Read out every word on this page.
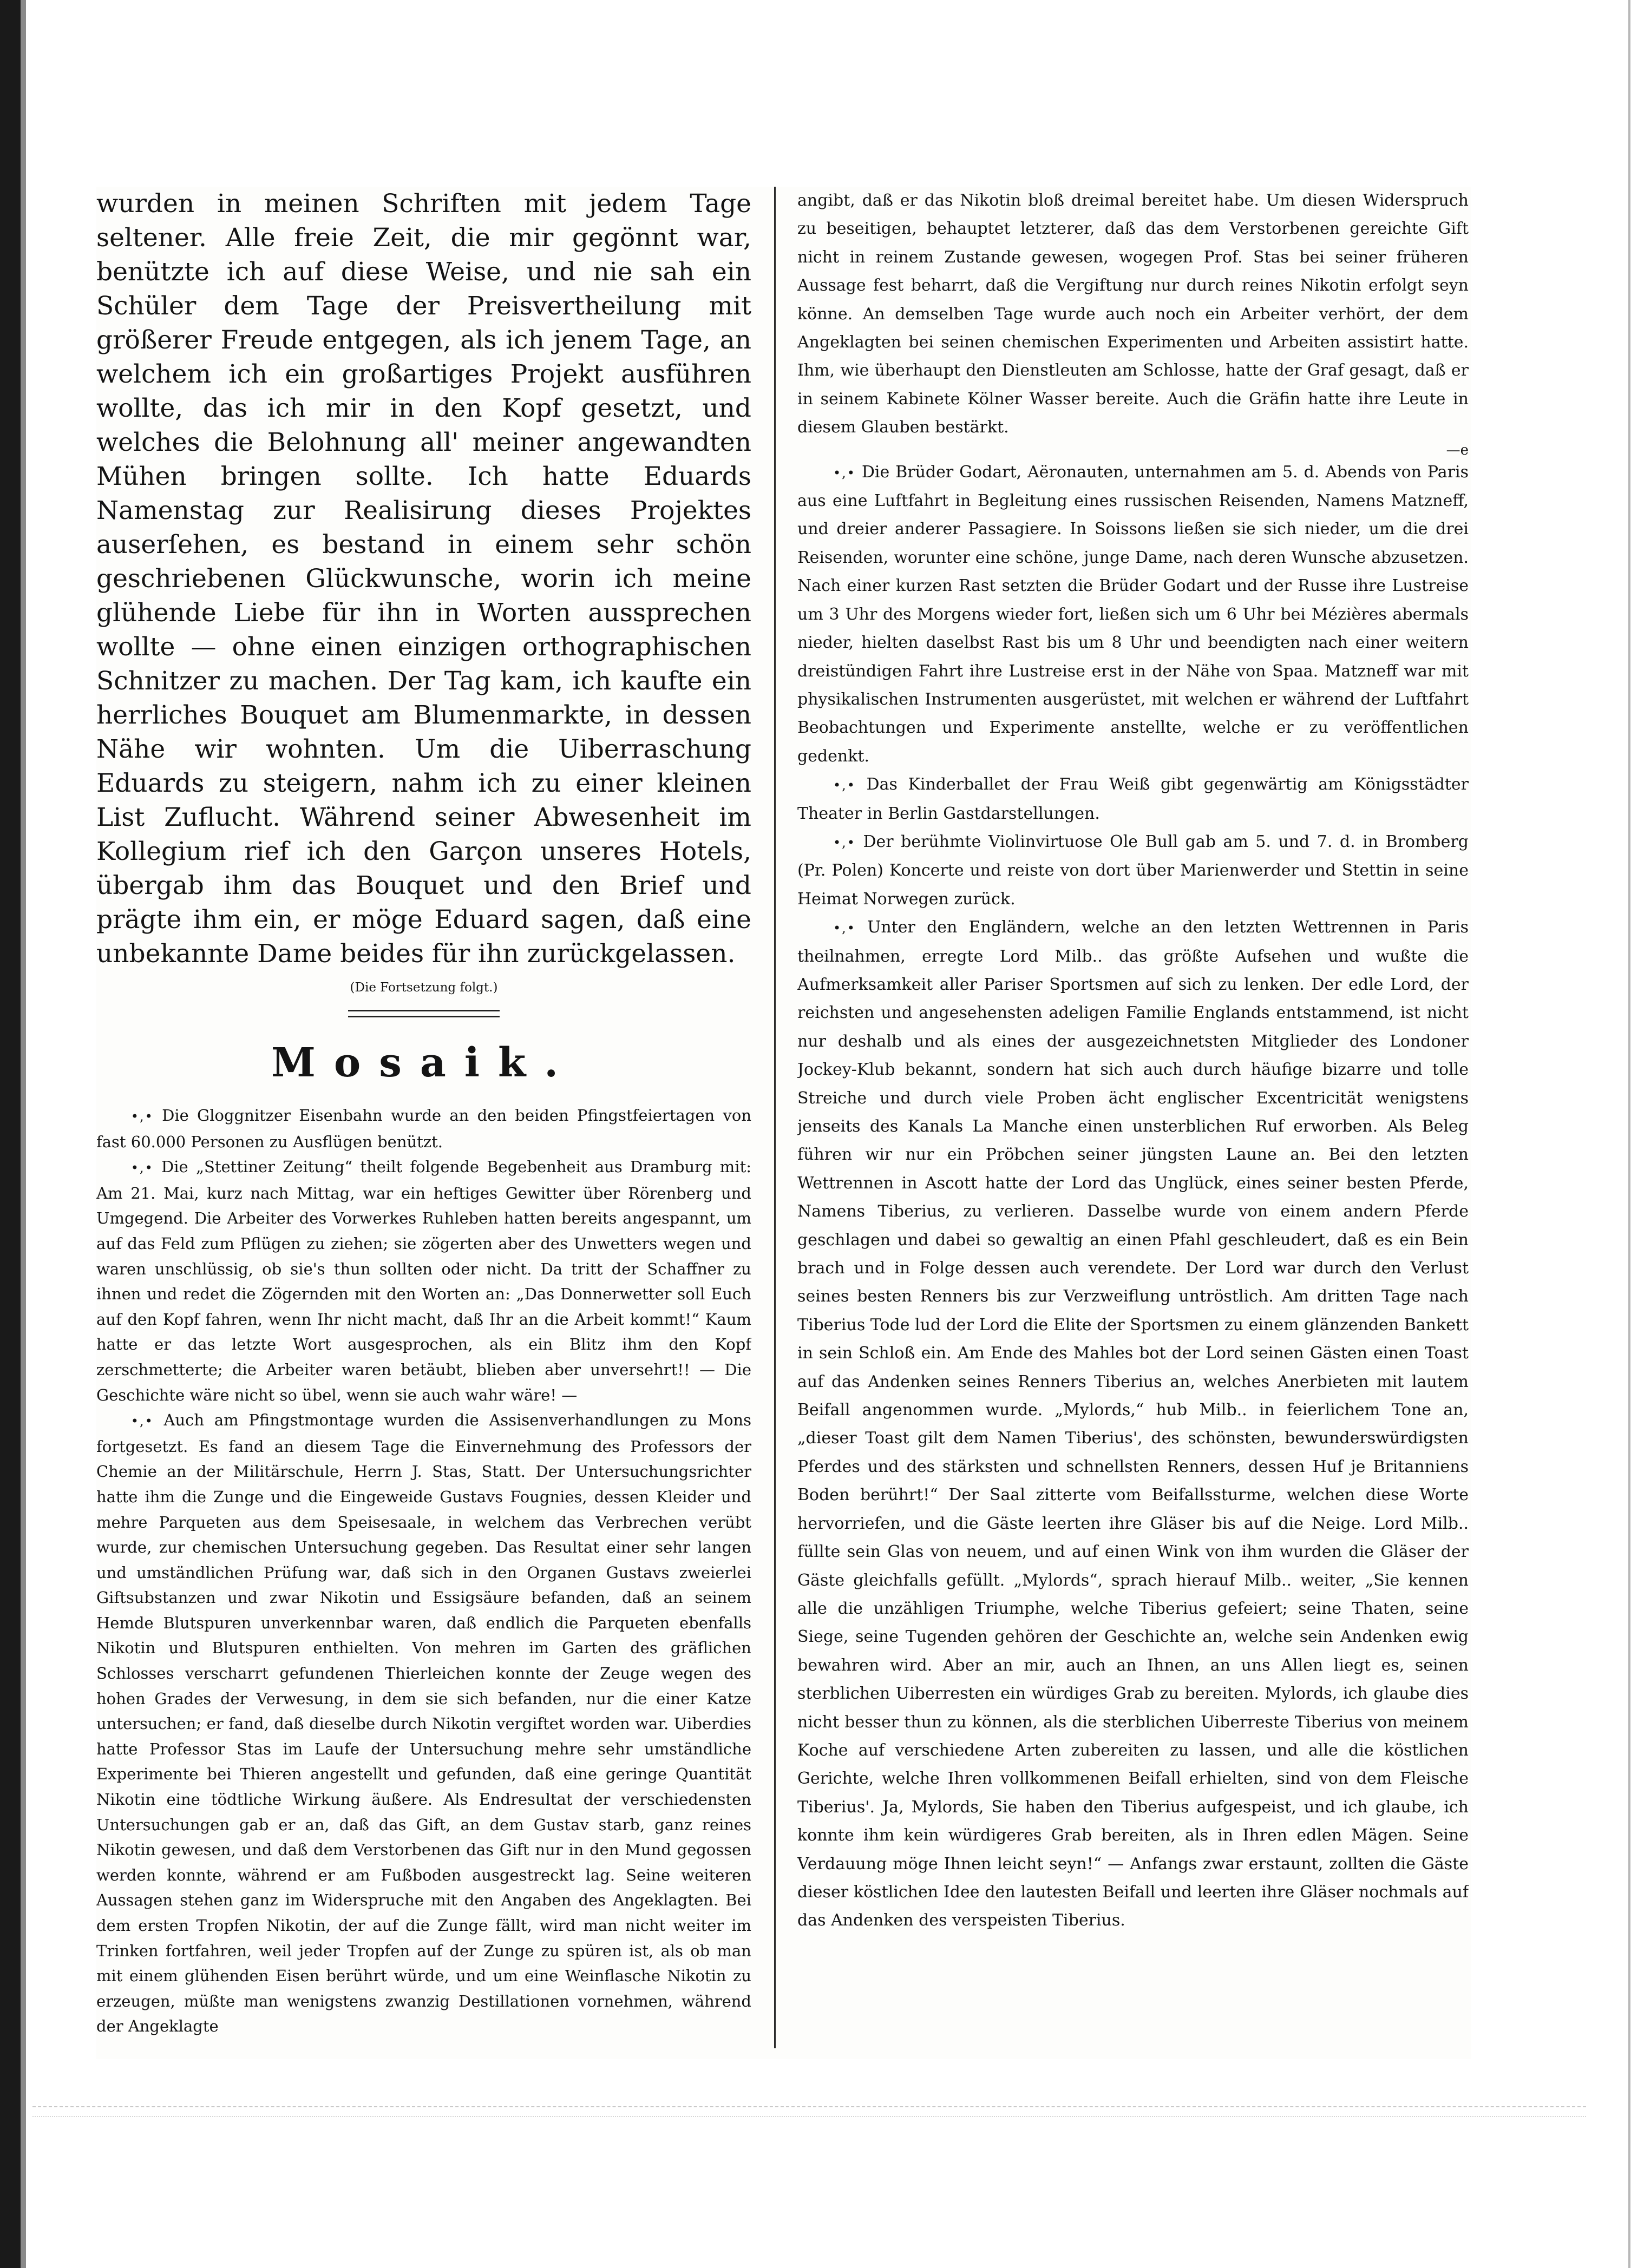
wurden in meinen Schriften mit jedem Tage seltener. Alle freie Zeit, die mir gegönnt war, benützte ich auf diese Weise, und nie sah ein Schüler dem Tage der Preisvertheilung mit größerer Freude entgegen, als ich jenem Tage, an welchem ich ein großartiges Projekt ausführen wollte, das ich mir in den Kopf gesetzt, und welches die Belohnung all' meiner angewandten Mühen bringen sollte. Ich hatte Eduards Namenstag zur Realisirung dieses Projektes auserſehen, es bestand in einem sehr schön geschriebenen Glückwunsche, worin ich meine glühende Liebe für ihn in Worten aussprechen wollte — ohne einen einzigen orthographischen Schnitzer zu machen. Der Tag kam, ich kaufte ein herrliches Bouquet am Blumenmarkte, in dessen Nähe wir wohnten. Um die Uiberraschung Eduards zu steigern, nahm ich zu einer kleinen List Zuflucht. Während seiner Abwesenheit im Kollegium rief ich den Garçon unseres Hotels, übergab ihm das Bouquet und den Brief und prägte ihm ein, er möge Eduard sagen, daß eine unbekannte Dame beides für ihn zurückgelassen.

(Die Fortsetzung folgt.)
Mosaik.

•,• Die Gloggnitzer Eisenbahn wurde an den beiden Pfingstfeiertagen von fast 60.000 Personen zu Ausflügen benützt.

•,• Die „Stettiner Zeitung“ theilt folgende Begebenheit aus Dramburg mit: Am 21. Mai, kurz nach Mittag, war ein heftiges Gewitter über Rörenberg und Umgegend. Die Arbeiter des Vorwerkes Ruhleben hatten bereits angespannt, um auf das Feld zum Pflügen zu ziehen; sie zögerten aber des Unwetters wegen und waren unschlüssig, ob sie's thun sollten oder nicht. Da tritt der Schaffner zu ihnen und redet die Zögernden mit den Worten an: „Das Donnerwetter soll Euch auf den Kopf fahren, wenn Ihr nicht macht, daß Ihr an die Arbeit kommt!“ Kaum hatte er das letzte Wort ausgesprochen, als ein Blitz ihm den Kopf zerschmetterte; die Arbeiter waren betäubt, blieben aber unversehrt!! — Die Geschichte wäre nicht so übel, wenn sie auch wahr wäre! —

•,• Auch am Pfingstmontage wurden die Assisenverhandlungen zu Mons fortgesetzt. Es fand an diesem Tage die Einvernehmung des Professors der Chemie an der Militärschule, Herrn J. Stas, Statt. Der Untersuchungsrichter hatte ihm die Zunge und die Eingeweide Gustavs Fougnies, dessen Kleider und mehre Parqueten aus dem Speisesaale, in welchem das Verbrechen verübt wurde, zur chemischen Untersuchung gegeben. Das Resultat einer sehr langen und umständlichen Prüfung war, daß sich in den Organen Gustavs zweierlei Giftsubstanzen und zwar Nikotin und Essigsäure befanden, daß an seinem Hemde Blutspuren unverkennbar waren, daß endlich die Parqueten ebenfalls Nikotin und Blutspuren enthielten. Von mehren im Garten des gräflichen Schlosses verscharrt gefundenen Thierleichen konnte der Zeuge wegen des hohen Grades der Verwesung, in dem sie sich befanden, nur die einer Katze untersuchen; er fand, daß dieselbe durch Nikotin vergiftet worden war. Uiberdies hatte Professor Stas im Laufe der Untersuchung mehre sehr umständliche Experimente bei Thieren angestellt und gefunden, daß eine geringe Quantität Nikotin eine tödtliche Wirkung äußere. Als Endresultat der verschiedensten Untersuchungen gab er an, daß das Gift, an dem Gustav starb, ganz reines Nikotin gewesen, und daß dem Verstorbenen das Gift nur in den Mund gegossen werden konnte, während er am Fußboden ausgestreckt lag. Seine weiteren Aussagen stehen ganz im Widerspruche mit den Angaben des Angeklagten. Bei dem ersten Tropfen Nikotin, der auf die Zunge fällt, wird man nicht weiter im Trinken fortfahren, weil jeder Tropfen auf der Zunge zu spüren ist, als ob man mit einem glühenden Eisen berührt würde, und um eine Weinflasche Nikotin zu erzeugen, müßte man wenigstens zwanzig Destillationen vornehmen, während der Angeklagte

angibt, daß er das Nikotin bloß dreimal bereitet habe. Um diesen Widerspruch zu beseitigen, behauptet letzterer, daß das dem Verstorbenen gereichte Gift nicht in reinem Zustande gewesen, wogegen Prof. Stas bei seiner früheren Aussage fest beharrt, daß die Vergiftung nur durch reines Nikotin erfolgt seyn könne. An demselben Tage wurde auch noch ein Arbeiter verhört, der dem Angeklagten bei seinen chemischen Experimenten und Arbeiten assistirt hatte. Ihm, wie überhaupt den Dienstleuten am Schlosse, hatte der Graf gesagt, daß er in seinem Kabinete Kölner Wasser bereite. Auch die Gräfin hatte ihre Leute in diesem Glauben bestärkt.

—e

•,• Die Brüder Godart, Aëronauten, unternahmen am 5. d. Abends von Paris aus eine Luftfahrt in Begleitung eines russischen Reisenden, Namens Matzneff, und dreier anderer Passagiere. In Soissons ließen sie sich nieder, um die drei Reisenden, worunter eine schöne, junge Dame, nach deren Wunsche abzusetzen. Nach einer kurzen Rast setzten die Brüder Godart und der Russe ihre Lustreise um 3 Uhr des Morgens wieder fort, ließen sich um 6 Uhr bei Mézières abermals nieder, hielten daselbst Rast bis um 8 Uhr und beendigten nach einer weitern dreistündigen Fahrt ihre Lustreise erst in der Nähe von Spaa. Matzneff war mit physikalischen Instrumenten ausgerüstet, mit welchen er während der Luftfahrt Beobachtungen und Experimente anstellte, welche er zu veröffentlichen gedenkt.

•,• Das Kinderballet der Frau Weiß gibt gegenwärtig am Königsstädter Theater in Berlin Gastdarstellungen.

•,• Der berühmte Violinvirtuose Ole Bull gab am 5. und 7. d. in Bromberg (Pr. Polen) Koncerte und reiste von dort über Marienwerder und Stettin in seine Heimat Norwegen zurück.

•,• Unter den Engländern, welche an den letzten Wettrennen in Paris theilnahmen, erregte Lord Milb.. das größte Aufsehen und wußte die Aufmerksamkeit aller Pariser Sportsmen auf sich zu lenken. Der edle Lord, der reichsten und angesehensten adeligen Familie Englands entstammend, ist nicht nur deshalb und als eines der ausgezeichnetsten Mitglieder des Londoner Jockey-Klub bekannt, sondern hat sich auch durch häufige bizarre und tolle Streiche und durch viele Proben ächt englischer Excentricität wenigstens jenseits des Kanals La Manche einen unsterblichen Ruf erworben. Als Beleg führen wir nur ein Pröbchen seiner jüngsten Laune an. Bei den letzten Wettrennen in Ascott hatte der Lord das Unglück, eines seiner besten Pferde, Namens Tiberius, zu verlieren. Dasselbe wurde von einem andern Pferde geschlagen und dabei so gewaltig an einen Pfahl geschleudert, daß es ein Bein brach und in Folge dessen auch verendete. Der Lord war durch den Verlust seines besten Renners bis zur Verzweiflung untröstlich. Am dritten Tage nach Tiberius Tode lud der Lord die Elite der Sportsmen zu einem glänzenden Bankett in sein Schloß ein. Am Ende des Mahles bot der Lord seinen Gästen einen Toast auf das Andenken seines Renners Tiberius an, welches Anerbieten mit lautem Beifall angenommen wurde. „Mylords,“ hub Milb.. in feierlichem Tone an, „dieser Toast gilt dem Namen Tiberius', des schönsten, bewunderswürdigsten Pferdes und des stärksten und schnellsten Renners, dessen Huf je Britanniens Boden berührt!“ Der Saal zitterte vom Beifallssturme, welchen diese Worte hervorriefen, und die Gäste leerten ihre Gläser bis auf die Neige. Lord Milb.. füllte sein Glas von neuem, und auf einen Wink von ihm wurden die Gläser der Gäste gleichfalls gefüllt. „Mylords“, sprach hierauf Milb.. weiter, „Sie kennen alle die unzähligen Triumphe, welche Tiberius gefeiert; seine Thaten, seine Siege, seine Tugenden gehören der Geschichte an, welche sein Andenken ewig bewahren wird. Aber an mir, auch an Ihnen, an uns Allen liegt es, seinen sterblichen Uiberresten ein würdiges Grab zu bereiten. Mylords, ich glaube dies nicht besser thun zu können, als die sterblichen Uiberreste Tiberius von meinem Koche auf verschiedene Arten zubereiten zu lassen, und alle die köstlichen Gerichte, welche Ihren vollkommenen Beifall erhielten, sind von dem Fleische Tiberius'. Ja, Mylords, Sie haben den Tiberius aufgespeist, und ich glaube, ich konnte ihm kein würdigeres Grab bereiten, als in Ihren edlen Mägen. Seine Verdauung möge Ihnen leicht seyn!“ — Anfangs zwar erstaunt, zollten die Gäste dieser köstlichen Idee den lautesten Beifall und leerten ihre Gläser nochmals auf das Andenken des verspeisten Tiberius.
